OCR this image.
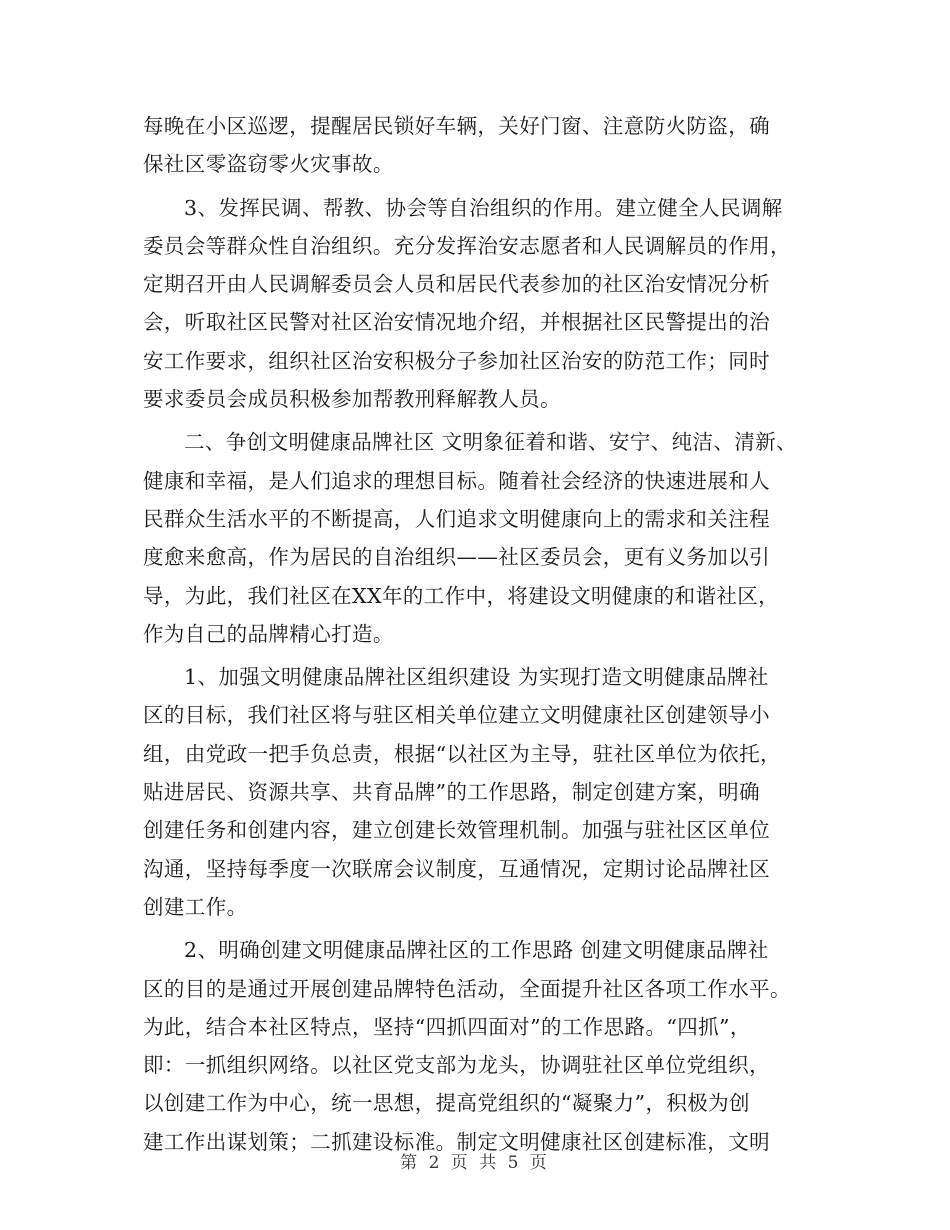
每晚在小区巡逻，提醒居民锁好车辆，关好门窗、注意防火防盗，确
保社区零盗窃零火灾事故。
3、发挥民调、帮教、协会等自治组织的作用。建立健全人民调解
委员会等群众性自治组织。充分发挥治安志愿者和人民调解员的作用，
定期召开由人民调解委员会人员和居民代表参加的社区治安情况分析
会，听取社区民警对社区治安情况地介绍，并根据社区民警提出的治
安工作要求，组织社区治安积极分子参加社区治安的防范工作；同时
要求委员会成员积极参加帮教刑释解教人员。
二、争创文明健康品牌社区 文明象征着和谐、安宁、纯洁、清新、
健康和幸福，是人们追求的理想目标。随着社会经济的快速进展和人
民群众生活水平的不断提高，人们追求文明健康向上的需求和关注程
度愈来愈高，作为居民的自治组织——社区委员会，更有义务加以引
导，为此，我们社区在XX年的工作中，将建设文明健康的和谐社区，
作为自己的品牌精心打造。
1、加强文明健康品牌社区组织建设 为实现打造文明健康品牌社
区的目标，我们社区将与驻区相关单位建立文明健康社区创建领导小
组，由党政一把手负总责，根据“以社区为主导，驻社区单位为依托，
贴进居民、资源共享、共育品牌”的工作思路，制定创建方案，明确
创建任务和创建内容，建立创建长效管理机制。加强与驻社区区单位
沟通，坚持每季度一次联席会议制度，互通情况，定期讨论品牌社区
创建工作。
2、明确创建文明健康品牌社区的工作思路 创建文明健康品牌社
区的目的是通过开展创建品牌特色活动，全面提升社区各项工作水平。
为此，结合本社区特点，坚持“四抓四面对”的工作思路。“四抓”，
即：一抓组织网络。以社区党支部为龙头，协调驻社区单位党组织，
以创建工作为中心，统一思想，提高党组织的“凝聚力”，积极为创
建工作出谋划策；二抓建设标准。制定文明健康社区创建标准，文明
第 2 页 共 5 页
